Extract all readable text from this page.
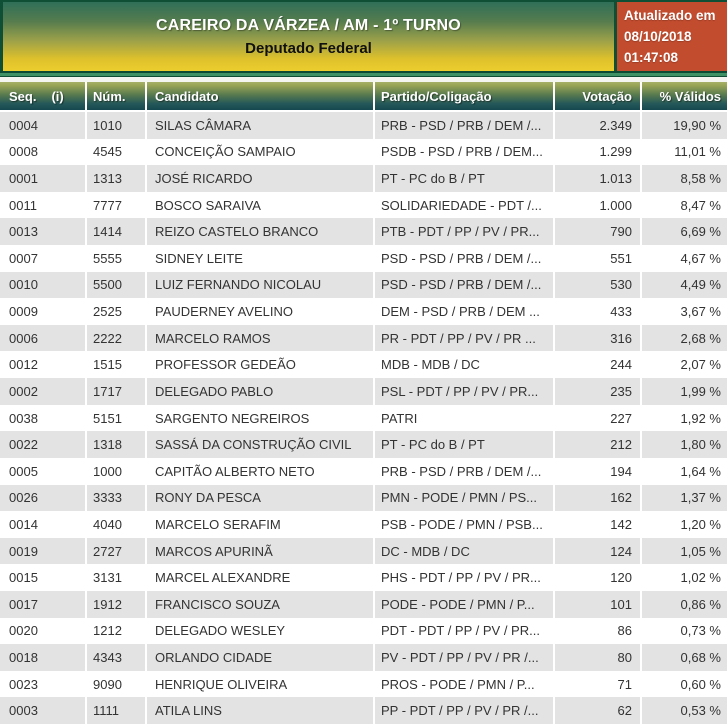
CAREIRO DA VÁRZEA / AM - 1º TURNO
Deputado Federal
Atualizado em
08/10/2018
01:47:08
Seq. (i)	Núm.	Candidato	Partido/Coligação	Votação	% Válidos
0004	1010	SILAS CÂMARA	PRB - PSD / PRB / DEM /...	2.349	19,90 %
0008	4545	CONCEIÇÃO SAMPAIO	PSDB - PSD / PRB / DEM...	1.299	11,01 %
0001	1313	JOSÉ RICARDO	PT - PC do B / PT	1.013	8,58 %
0011	7777	BOSCO SARAIVA	SOLIDARIEDADE - PDT /...	1.000	8,47 %
0013	1414	REIZO CASTELO BRANCO	PTB - PDT / PP / PV / PR...	790	6,69 %
0007	5555	SIDNEY LEITE	PSD - PSD / PRB / DEM /...	551	4,67 %
0010	5500	LUIZ FERNANDO NICOLAU	PSD - PSD / PRB / DEM /...	530	4,49 %
0009	2525	PAUDERNEY AVELINO	DEM - PSD / PRB / DEM ...	433	3,67 %
0006	2222	MARCELO RAMOS	PR - PDT / PP / PV / PR ...	316	2,68 %
0012	1515	PROFESSOR GEDEÃO	MDB - MDB / DC	244	2,07 %
0002	1717	DELEGADO PABLO	PSL - PDT / PP / PV / PR...	235	1,99 %
0038	5151	SARGENTO NEGREIROS	PATRI	227	1,92 %
0022	1318	SASSÁ DA CONSTRUÇÃO CIVIL	PT - PC do B / PT	212	1,80 %
0005	1000	CAPITÃO ALBERTO NETO	PRB - PSD / PRB / DEM /...	194	1,64 %
0026	3333	RONY DA PESCA	PMN - PODE / PMN / PS...	162	1,37 %
0014	4040	MARCELO SERAFIM	PSB - PODE / PMN / PSB...	142	1,20 %
0019	2727	MARCOS APURINÃ	DC - MDB / DC	124	1,05 %
0015	3131	MARCEL ALEXANDRE	PHS - PDT / PP / PV / PR...	120	1,02 %
0017	1912	FRANCISCO SOUZA	PODE - PODE / PMN / P...	101	0,86 %
0020	1212	DELEGADO WESLEY	PDT - PDT / PP / PV / PR...	86	0,73 %
0018	4343	ORLANDO CIDADE	PV - PDT / PP / PV / PR /...	80	0,68 %
0023	9090	HENRIQUE OLIVEIRA	PROS - PODE / PMN / P...	71	0,60 %
0003	1111	ATILA LINS	PP - PDT / PP / PV / PR /...	62	0,53 %
